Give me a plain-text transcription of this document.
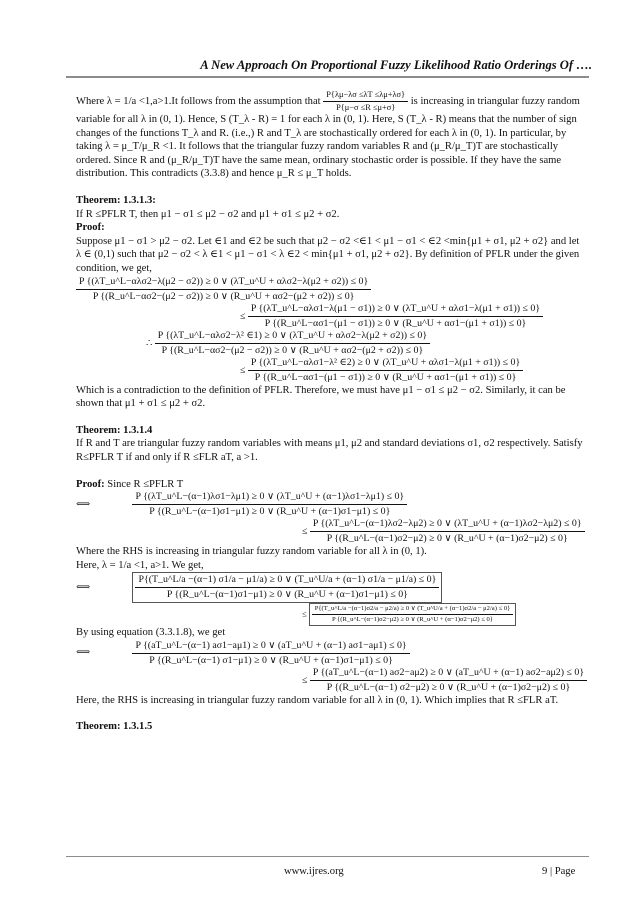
A New Approach On Proportional Fuzzy Likelihood Ratio Orderings Of ….

Where λ = 1/a <1,a>1.It follows from the assumption that $\frac{P\{\lambda\mu-\lambda\sigma \le\lambda T \le\lambda\mu+\lambda\sigma\}}{P\{\mu-\sigma \le R \le\mu+\sigma\}}$ is increasing in triangular fuzzy random variable for all λ in (0, 1). Hence, S (T_λ - R) = 1 for each λ in (0, 1). Here, S (T_λ - R) means that the number of sign changes of the functions T_λ and R. (i.e.,) R and T_λ are stochastically ordered for each λ in (0, 1). In particular, by taking λ = μ_T/μ_R <1. It follows that the triangular fuzzy random variables R and (μ_R/μ_T)T are stochastically ordered. Since R and (μ_R/μ_T)T have the same mean, ordinary stochastic order is possible. If they have the same distribution. This contradicts (3.3.8) and hence μ_R ≤ μ_T holds.

Theorem: 1.3.1.3:

If R ≤PFLR T, then μ1 − σ1 ≤ μ2 − σ2 and μ1 + σ1 ≤ μ2 + σ2.

Proof:

Suppose μ1 − σ1 > μ2 − σ2. Let ∈1 and ∈2 be such that μ2 − σ2 <∈1 < μ1 − σ1 < ∈2 <min{μ1 + σ1, μ2 + σ2} and let λ ∈ (0,1) such that μ2 − σ2 < λ ∈1 < μ1 − σ1 < λ ∈2 < min{μ1 + σ1, μ2 + σ2}. By definition of PFLR under the given condition, we get,

P {(λT_u^L−αλσ2−λ(μ2 − σ2)) ≥ 0 ∨ (λT_u^U + αλσ2−λ(μ2 + σ2)) ≤ 0}
P {(R_u^L−ασ2−(μ2 − σ2)) ≥ 0 ∨ (R_u^U + ασ2−(μ2 + σ2)) ≤ 0}
≤
P {(λT_u^L−αλσ1−λ(μ1 − σ1)) ≥ 0 ∨ (λT_u^U + αλσ1−λ(μ1 + σ1)) ≤ 0}
P {(R_u^L−ασ1−(μ1 − σ1)) ≥ 0 ∨ (R_u^U + ασ1−(μ1 + σ1)) ≤ 0}
∴ $\frac{\text{P \{(λT\_u\textasciicircum{}L−αλσ2−λ² ∈1) ≥ 0 ∨ (λT\_u\textasciicircum{}U + αλσ2−λ(μ2 + σ2)) ≤ 0\}}}{P \{(R\_u\^{}L-\alpha\sigma 2-(\mu 2 - \sigma 2)) \ge 0 \vee (R\_u\^{}U + \alpha\sigma 2-(\mu 2 + \sigma 2)) \le 0\}}$
≤ $\frac{\text{P \{(λT\_u\textasciicircum{}L−αλσ1−λ² ∈2) ≥ 0 ∨ (λT\_u\textasciicircum{}U + αλσ1−λ(μ1 + σ1)) ≤ 0\}}}{P \{(R\_u\^{}L-\alpha\sigma 1-(\mu 1 - \sigma 1)) \ge 0 \vee (R\_u\^{}U + \alpha\sigma 1-(\mu 1 + \sigma 1)) \le 0\}}$

Which is a contradiction to the definition of PFLR. Therefore, we must have μ1 − σ1 ≤ μ2 − σ2. Similarly, it can be shown that μ1 + σ1 ≤ μ2 + σ2.

Theorem: 1.3.1.4

If R and T are triangular fuzzy random variables with means μ1, μ2 and standard deviations σ1, σ2 respectively. Satisfy R≤PFLR T if and only if R ≤FLR aT, a >1.

Proof: Since R ≤PFLR T

⟺	$\frac{P \{(\lambda T\_u\^{}L-(\alpha-1)\lambda\sigma 1-\lambda\mu 1) \ge 0 \vee (\lambda T\_u\^{}U + (\alpha-1)\lambda\sigma 1-\lambda\mu 1) \le 0\}}{P \{(R\_u\^{}L-(\alpha-1)\sigma 1-\mu 1) \ge 0 \vee (R\_u\^{}U + (\alpha-1)\sigma 1-\mu 1) \le 0\}}$
≤ $\frac{P \{(\lambda T\_u\^{}L-(\alpha-1)\lambda\sigma 2-\lambda\mu 2) \ge 0 \vee (\lambda T\_u\^{}U + (\alpha-1)\lambda\sigma 2-\lambda\mu 2) \le 0\}}{P \{(R\_u\^{}L-(\alpha-1)\sigma 2-\mu 2) \ge 0 \vee (R\_u\^{}U + (\alpha-1)\sigma 2-\mu 2) \le 0\}}$

Where the RHS is increasing in triangular fuzzy random variable for all λ in (0, 1).

Here, λ = 1/a <1, a>1. We get,

⟺
P{(T_u^L/a −(α−1) σ1/a − μ1/a) ≥ 0 ∨ (T_u^U/a + (α−1) σ1/a − μ1/a) ≤ 0}
P {(R_u^L−(α−1)σ1−μ1) ≥ 0 ∨ (R_u^U + (α−1)σ1−μ1) ≤ 0}
≤
P{(T_u^L/a −(α−1)σ2/a − μ2/a) ≥ 0 ∨ (T_u^U/a + (α−1)σ2/a − μ2/a) ≤ 0}
P {(R_u^L−(α−1)σ2−μ2) ≥ 0 ∨ (R_u^U + (α−1)σ2−μ2) ≤ 0}

By using equation (3.3.1.8), we get

⟺
P {(aT_u^L−(α−1) aσ1−aμ1) ≥ 0 ∨ (aT_u^U + (α−1) aσ1−aμ1) ≤ 0}
P {(R_u^L−(α−1) σ1−μ1) ≥ 0 ∨ (R_u^U + (α−1)σ1−μ1) ≤ 0}
≤
P {(aT_u^L−(α−1) aσ2−aμ2) ≥ 0 ∨ (aT_u^U + (α−1) aσ2−aμ2) ≤ 0}
P {(R_u^L−(α−1) σ2−μ2) ≥ 0 ∨ (R_u^U + (α−1)σ2−μ2) ≤ 0}

Here, the RHS is increasing in triangular fuzzy random variable for all λ in (0, 1). Which implies that R ≤FLR aT.

Theorem: 1.3.1.5

www.ijres.org	9 | Page
